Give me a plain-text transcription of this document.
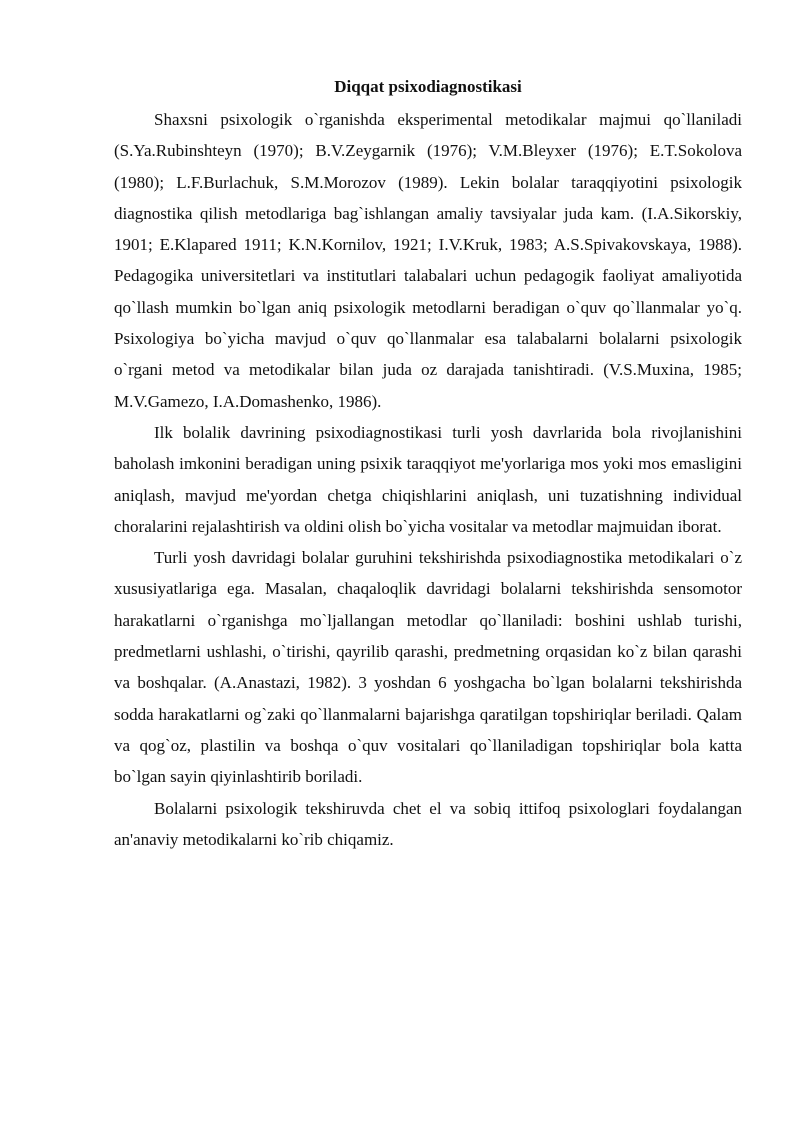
Diqqat psixodiagnostikasi

Shaxsni psixologik o`rganishda eksperimental metodikalar majmui qo`llaniladi (S.Ya.Rubinshteyn (1970); B.V.Zeygarnik (1976); V.M.Bleyxer (1976); E.T.Sokolova (1980); L.F.Burlachuk, S.M.Morozov (1989). Lekin bolalar taraqqiyotini psixologik diagnostika qilish metodlariga bag`ishlangan amaliy tavsiyalar juda kam. (I.A.Sikorskiy, 1901; E.Klapared 1911; K.N.Kornilov, 1921; I.V.Kruk, 1983; A.S.Spivakovskaya, 1988). Pedagogika universitetlari va institutlari talabalari uchun pedagogik faoliyat amaliyotida qo`llash mumkin bo`lgan aniq psixologik metodlarni beradigan o`quv qo`llanmalar yo`q. Psixologiya bo`yicha mavjud o`quv qo`llanmalar esa talabalarni bolalarni psixologik o`rgani metod va metodikalar bilan juda oz darajada tanishtiradi. (V.S.Muxina, 1985; M.V.Gamezo, I.A.Domashenko, 1986).

Ilk bolalik davrining psixodiagnostikasi turli yosh davrlarida bola rivojlanishini baholash imkonini beradigan uning psixik taraqqiyot me'yorlariga mos yoki mos emasligini aniqlash, mavjud me'yordan chetga chiqishlarini aniqlash, uni tuzatishning individual choralarini rejalashtirish va oldini olish bo`yicha vositalar va metodlar majmuidan iborat.

Turli yosh davridagi bolalar guruhini tekshirishda psixodiagnostika metodikalari o`z xususiyatlariga ega. Masalan, chaqaloqlik davridagi bolalarni tekshirishda sensomotor harakatlarni o`rganishga mo`ljallangan metodlar qo`llaniladi: boshini ushlab turishi, predmetlarni ushlashi, o`tirishi, qayrilib qarashi, predmetning orqasidan ko`z bilan qarashi va boshqalar. (A.Anastazi, 1982). 3 yoshdan 6 yoshgacha bo`lgan bolalarni tekshirishda sodda harakatlarni og`zaki qo`llanmalarni bajarishga qaratilgan topshiriqlar beriladi. Qalam va qog`oz, plastilin va boshqa o`quv vositalari qo`llaniladigan topshiriqlar bola katta bo`lgan sayin qiyinlashtirib boriladi.

Bolalarni psixologik tekshiruvda chet el va sobiq ittifoq psixologlari foydalangan an'anaviy metodikalarni ko`rib chiqamiz.
